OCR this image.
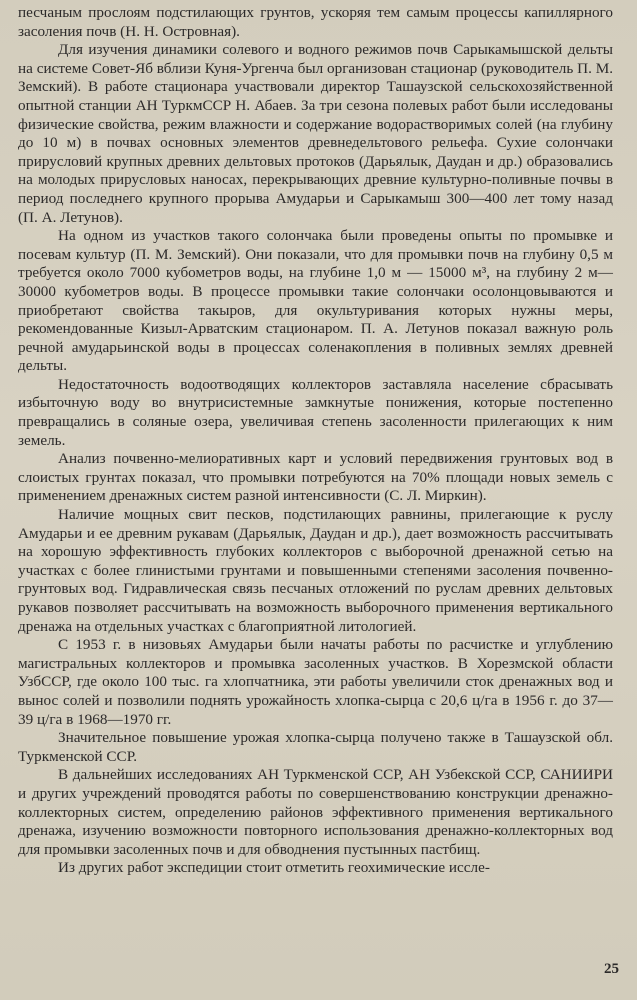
песчаным прослоям подстилающих грунтов, ускоряя тем самым процессы капиллярного засоления почв (Н. Н. Островная).

Для изучения динамики солевого и водного режимов почв Сарыкамышской дельты на системе Совет-Яб вблизи Куня-Ургенча был организован стационар (руководитель П. М. Земский). В работе стационара участвовали директор Ташаузской сельскохозяйственной опытной станции АН ТуркмССР Н. Абаев. За три сезона полевых работ были исследованы физические свойства, режим влажности и содержание водорастворимых солей (на глубину до 10 м) в почвах основных элементов древнедельтового рельефа. Сухие солончаки прирусловий крупных древних дельтовых протоков (Дарьялык, Даудан и др.) образовались на молодых прирусловых наносах, перекрывающих древние культурно-поливные почвы в период последнего крупного прорыва Амударьи и Сарыкамыш 300—400 лет тому назад (П. А. Летунов).

На одном из участков такого солончака были проведены опыты по промывке и посевам культур (П. М. Земский). Они показали, что для промывки почв на глубину 0,5 м требуется около 7000 кубометров воды, на глубине 1,0 м — 15000 м³, на глубину 2 м—30000 кубометров воды. В процессе промывки такие солончаки осолонцовываются и приобретают свойства такыров, для окультуривания которых нужны меры, рекомендованные Кизыл-Арватским стационаром. П. А. Летунов показал важную роль речной амударьинской воды в процессах соленакопления в поливных землях древней дельты.

Недостаточность водоотводящих коллекторов заставляла население сбрасывать избыточную воду во внутрисистемные замкнутые понижения, которые постепенно превращались в соляные озера, увеличивая степень засоленности прилегающих к ним земель.

Анализ почвенно-мелиоративных карт и условий передвижения грунтовых вод в слоистых грунтах показал, что промывки потребуются на 70% площади новых земель с применением дренажных систем разной интенсивности (С. Л. Миркин).

Наличие мощных свит песков, подстилающих равнины, прилегающие к руслу Амударьи и ее древним рукавам (Дарьялык, Даудан и др.), дает возможность рассчитывать на хорошую эффективность глубоких коллекторов с выборочной дренажной сетью на участках с более глинистыми грунтами и повышенными степенями засоления почвенно-грунтовых вод. Гидравлическая связь песчаных отложений по руслам древних дельтовых рукавов позволяет рассчитывать на возможность выборочного применения вертикального дренажа на отдельных участках с благоприятной литологией.

С 1953 г. в низовьях Амударьи были начаты работы по расчистке и углублению магистральных коллекторов и промывка засоленных участков. В Хорезмской области УзбССР, где около 100 тыс. га хлопчатника, эти работы увеличили сток дренажных вод и вынос солей и позволили поднять урожайность хлопка-сырца с 20,6 ц/га в 1956 г. до 37—39 ц/га в 1968—1970 гг.

Значительное повышение урожая хлопка-сырца получено также в Ташаузской обл. Туркменской ССР.

В дальнейших исследованиях АН Туркменской ССР, АН Узбекской ССР, САНИИРИ и других учреждений проводятся работы по совершенствованию конструкции дренажно-коллекторных систем, определению районов эффективного применения вертикального дренажа, изучению возможности повторного использования дренажно-коллекторных вод для промывки засоленных почв и для обводнения пустынных пастбищ.

Из других работ экспедиции стоит отметить геохимические иссле-

25
